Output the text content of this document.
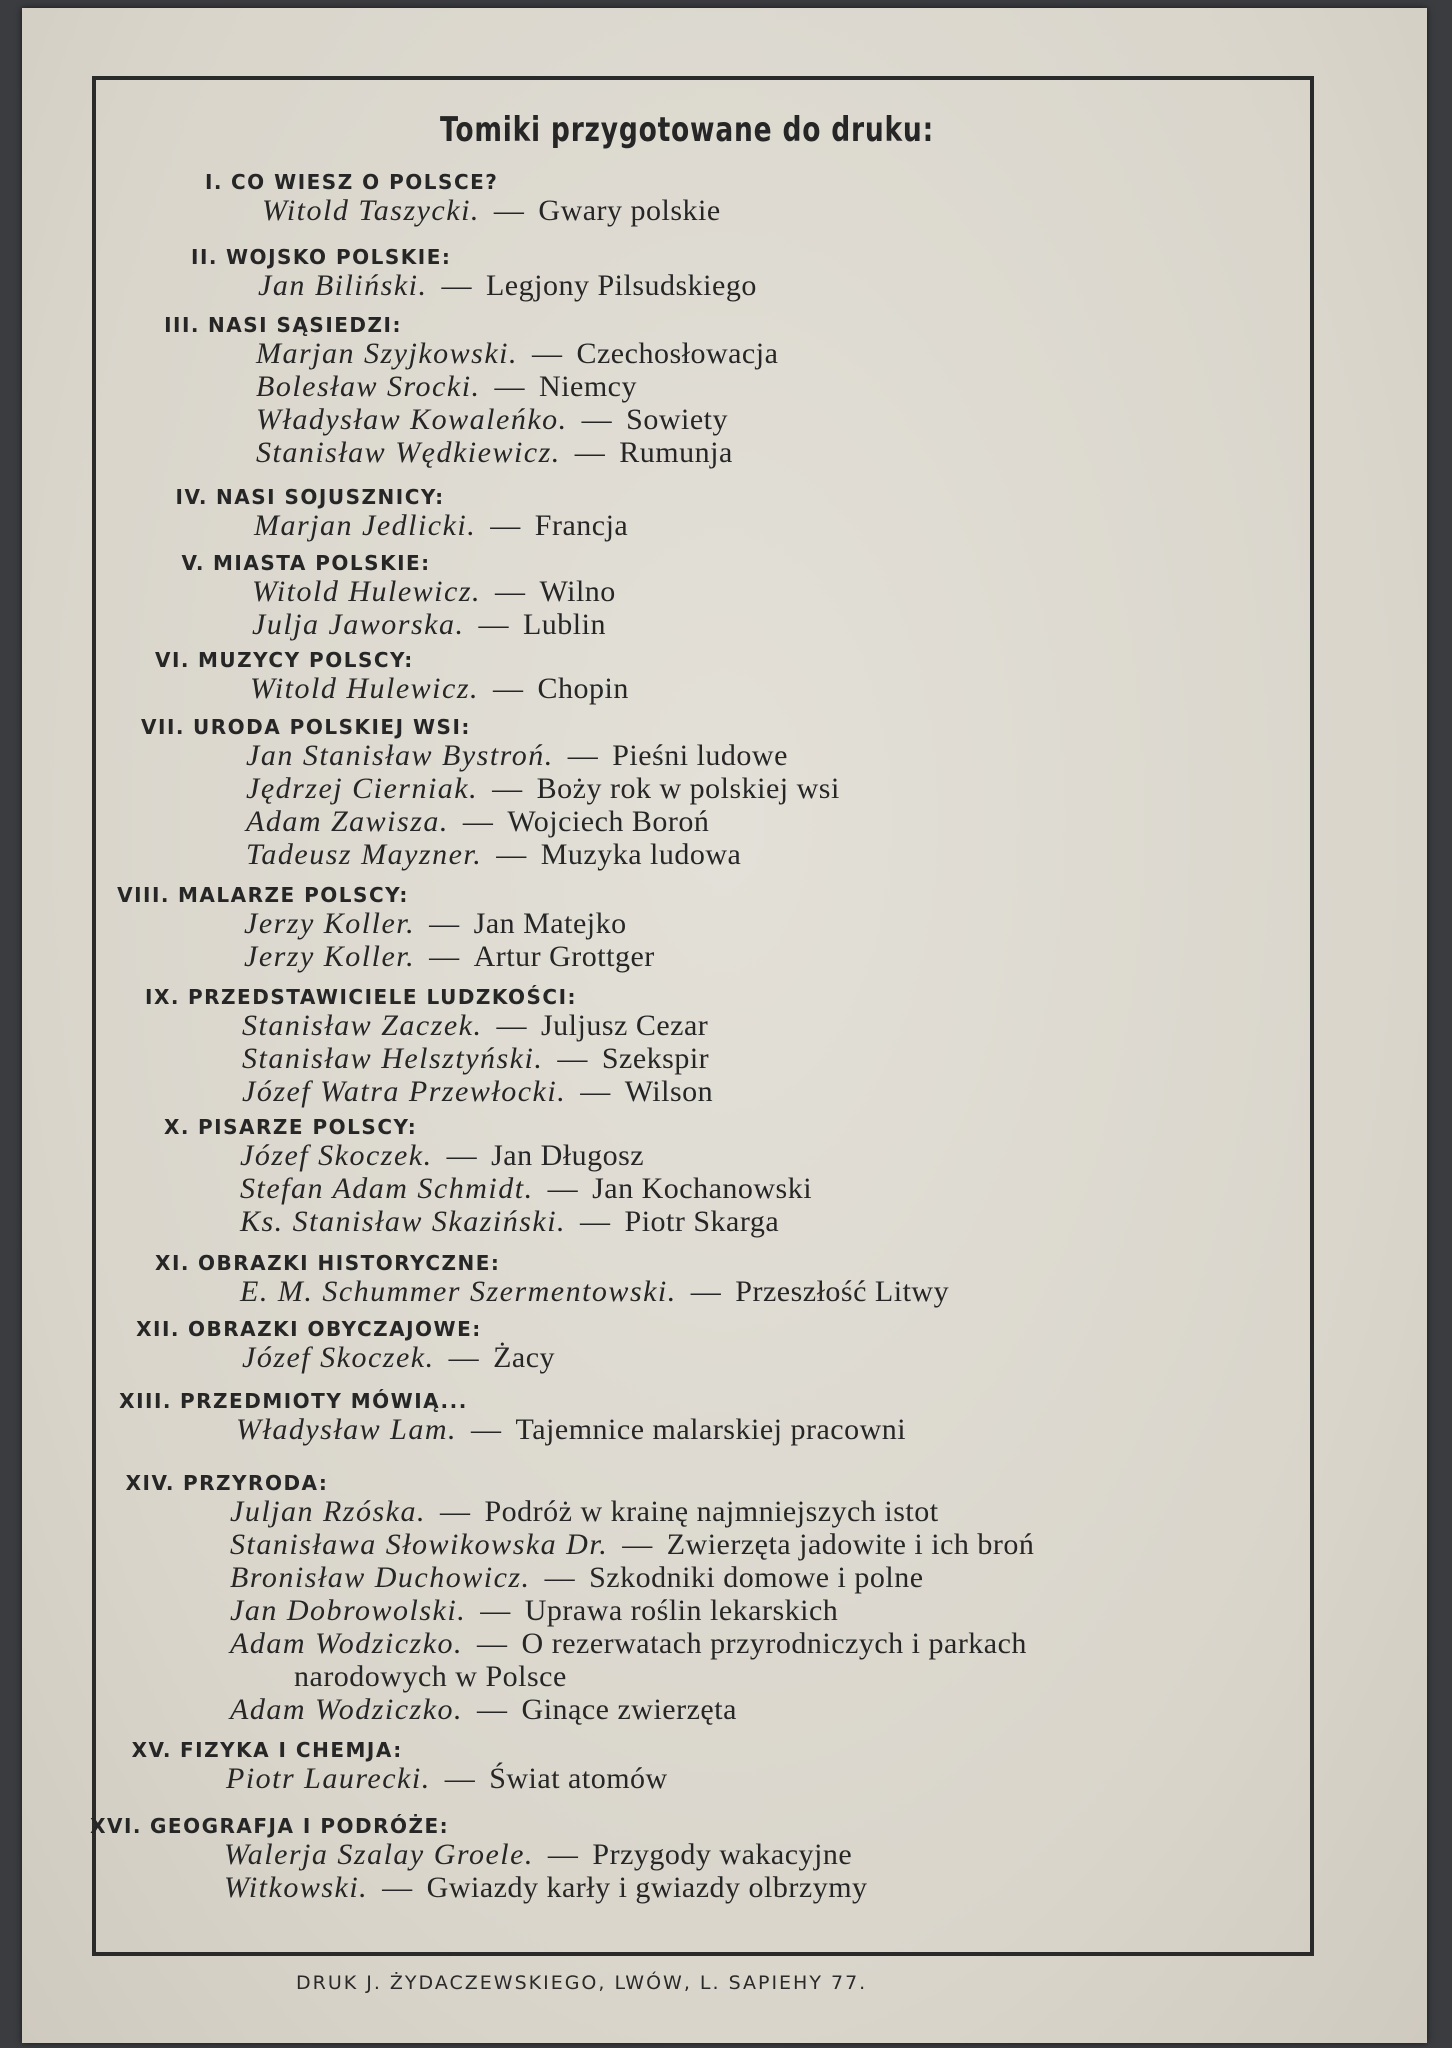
Tomiki przygotowane do druku:
I. CO WIESZ O POLSCE?
Witold Taszycki. — Gwary polskie
II. WOJSKO POLSKIE:
Jan Biliński. — Legjony Pilsudskiego
III. NASI SĄSIEDZI:
Marjan Szyjkowski. — Czechosłowacja
Bolesław Srocki. — Niemcy
Władysław Kowaleńko. — Sowiety
Stanisław Wędkiewicz. — Rumunja
IV. NASI SOJUSZNICY:
Marjan Jedlicki. — Francja
V. MIASTA POLSKIE:
Witold Hulewicz. — Wilno
Julja Jaworska. — Lublin
VI. MUZYCY POLSCY:
Witold Hulewicz. — Chopin
VII. URODA POLSKIEJ WSI:
Jan Stanisław Bystroń. — Pieśni ludowe
Jędrzej Cierniak. — Boży rok w polskiej wsi
Adam Zawisza. — Wojciech Boroń
Tadeusz Mayzner. — Muzyka ludowa
VIII. MALARZE POLSCY:
Jerzy Koller. — Jan Matejko
Jerzy Koller. — Artur Grottger
IX. PRZEDSTAWICIELE LUDZKOŚCI:
Stanisław Zaczek. — Juljusz Cezar
Stanisław Helsztyński. — Szekspir
Józef Watra Przewłocki. — Wilson
X. PISARZE POLSCY:
Józef Skoczek. — Jan Długosz
Stefan Adam Schmidt. — Jan Kochanowski
Ks. Stanisław Skaziński. — Piotr Skarga
XI. OBRAZKI HISTORYCZNE:
E. M. Schummer Szermentowski. — Przeszłość Litwy
XII. OBRAZKI OBYCZAJOWE:
Józef Skoczek. — Żacy
XIII. PRZEDMIOTY MÓWIĄ...
Władysław Lam. — Tajemnice malarskiej pracowni
XIV. PRZYRODA:
Juljan Rzóska. — Podróż w krainę najmniejszych istot
Stanisława Słowikowska Dr. — Zwierzęta jadowite i ich broń
Bronisław Duchowicz. — Szkodniki domowe i polne
Jan Dobrowolski. — Uprawa roślin lekarskich
Adam Wodziczko. — O rezerwatach przyrodniczych i parkach
narodowych w Polsce
Adam Wodziczko. — Ginące zwierzęta
XV. FIZYKA I CHEMJA:
Piotr Laurecki. — Świat atomów
XVI. GEOGRAFJA I PODRÓŻE:
Walerja Szalay Groele. — Przygody wakacyjne
Witkowski. — Gwiazdy karły i gwiazdy olbrzymy
DRUK J. ŻYDACZEWSKIEGO, LWÓW, L. SAPIEHY 77.
